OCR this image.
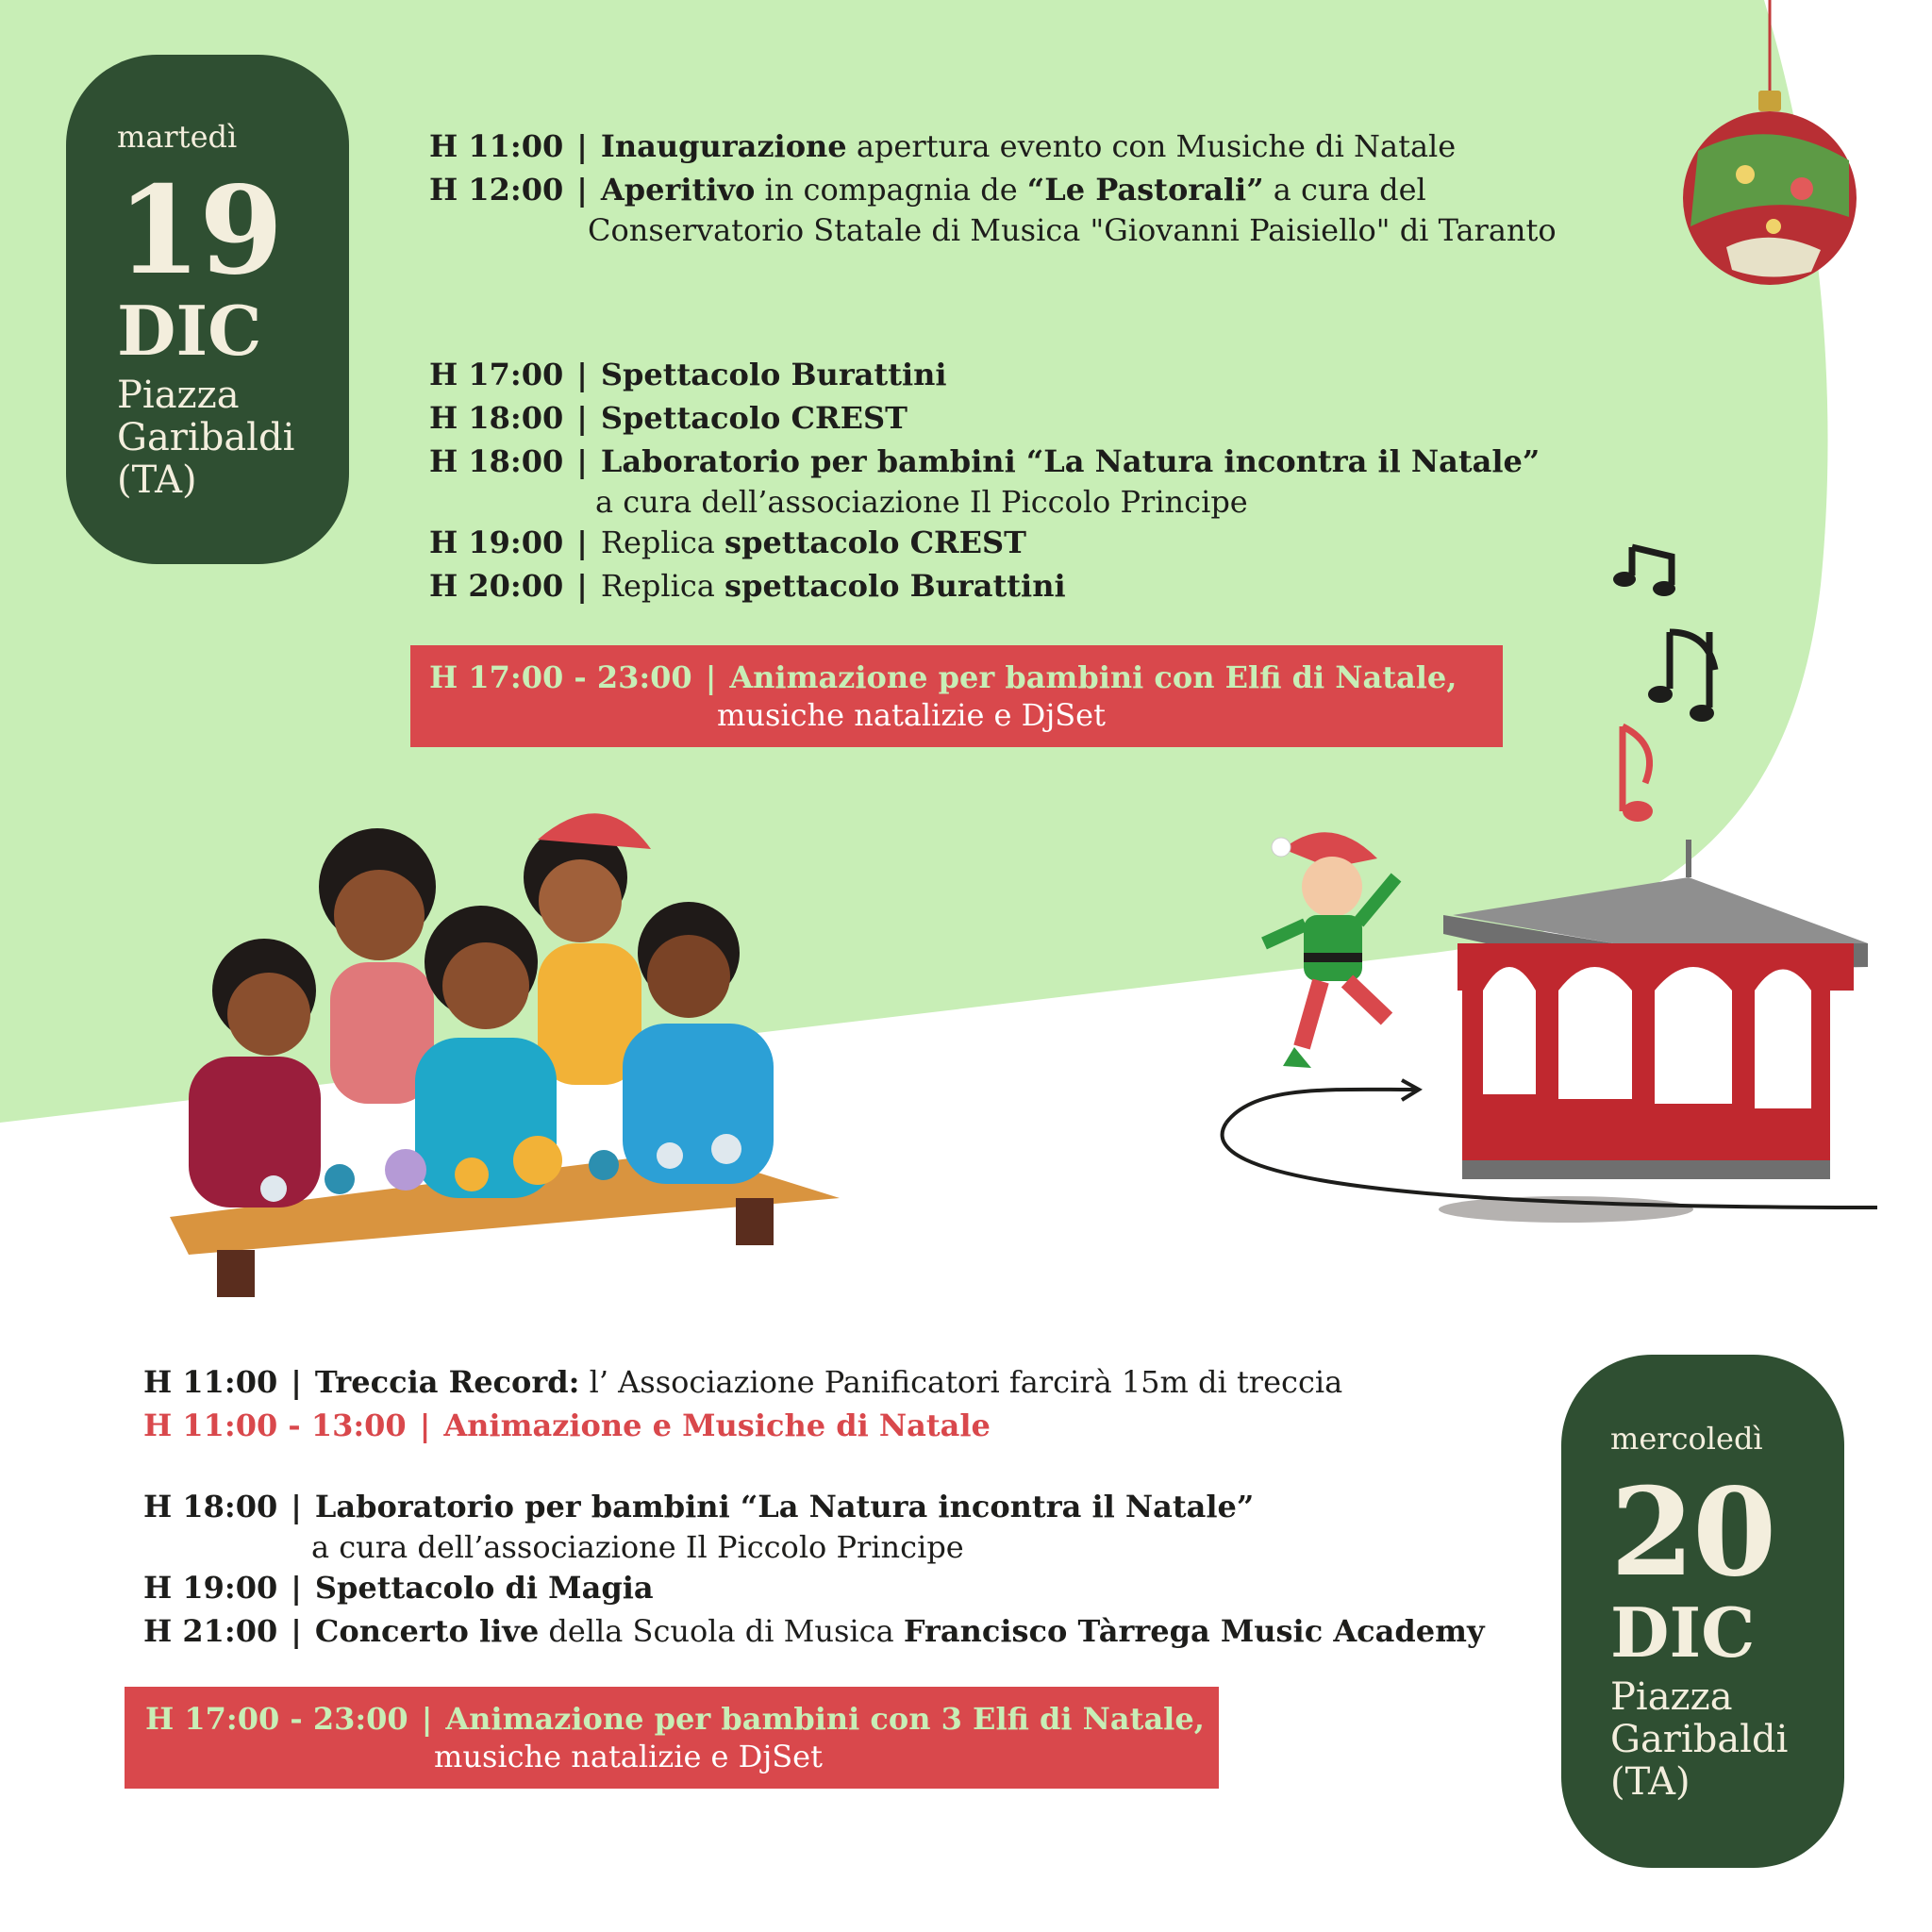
martedì
19
DIC
Piazza
Garibaldi
(TA)
H 11:00 | Inaugurazione apertura evento con Musiche di Natale
H 12:00 | Aperitivo in compagnia de “Le Pastorali” a cura del
Conservatorio Statale di Musica "Giovanni Paisiello" di Taranto
H 17:00 | Spettacolo Burattini
H 18:00 | Spettacolo CREST
H 18:00 | Laboratorio per bambini “La Natura incontra il Natale”
a cura dell’associazione Il Piccolo Principe
H 19:00 | Replica spettacolo CREST
H 20:00 | Replica spettacolo Burattini
H 17:00 - 23:00 | Animazione per bambini con Elfi di Natale,
musiche natalizie e DjSet
H 11:00 | Treccia Record: l’ Associazione Panificatori farcirà 15m di treccia
H 11:00 - 13:00 | Animazione e Musiche di Natale
H 18:00 | Laboratorio per bambini “La Natura incontra il Natale”
a cura dell’associazione Il Piccolo Principe
H 19:00 | Spettacolo di Magia
H 21:00 | Concerto live della Scuola di Musica Francisco Tàrrega Music Academy
H 17:00 - 23:00 | Animazione per bambini con 3 Elfi di Natale,
musiche natalizie e DjSet
mercoledì
20
DIC
Piazza
Garibaldi
(TA)
